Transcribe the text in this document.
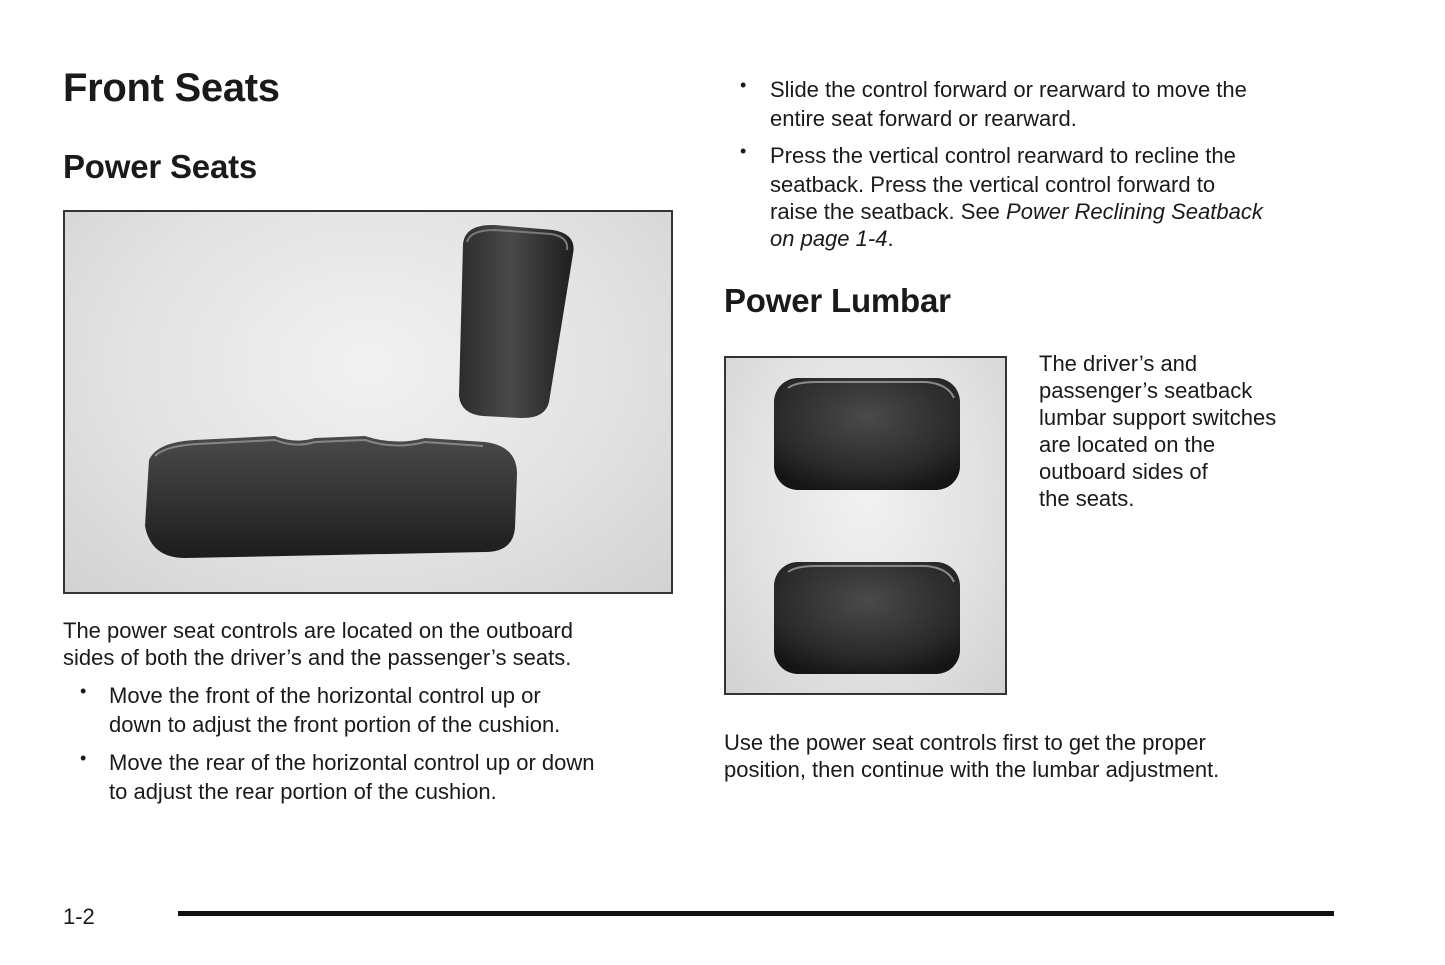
Front Seats
Power Seats
Power Lumbar

The power seat controls are located on the outboard

sides of both the driver’s and the passenger’s seats.

• Move the front of the horizontal control up or
down to adjust the front portion of the cushion.
• Move the rear of the horizontal control up or down
to adjust the rear portion of the cushion.
• Slide the control forward or rearward to move the
entire seat forward or rearward.
• Press the vertical control rearward to recline the
seatback. Press the vertical control forward to
raise the seatback. See Power Reclining Seatback
on page 1-4.
The driver’s and
passenger’s seatback
lumbar support switches
are located on the
outboard sides of
the seats.

Use the power seat controls first to get the proper

position, then continue with the lumbar adjustment.

1-2
